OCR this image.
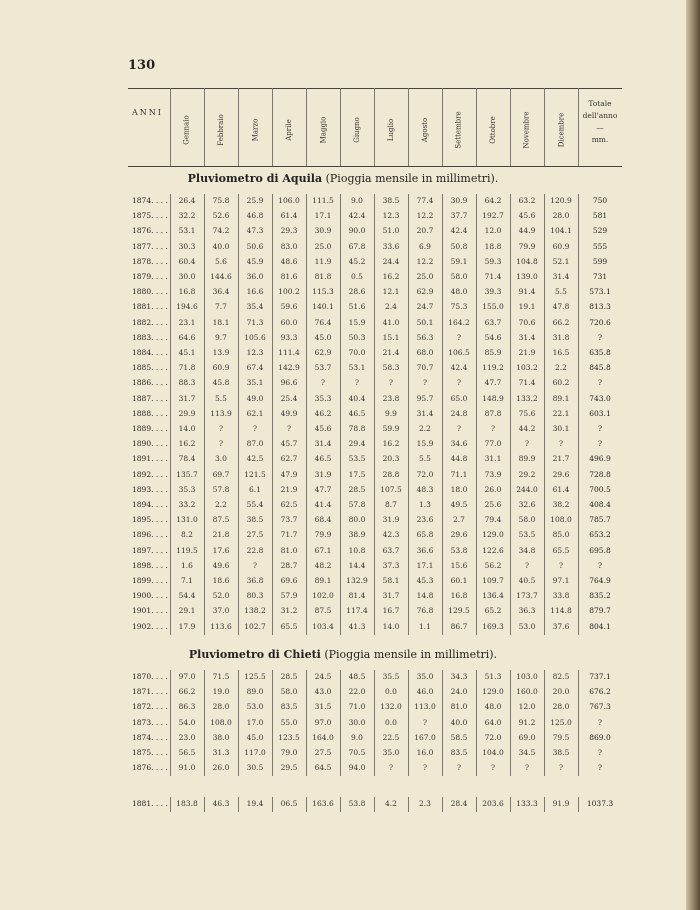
130
ANNI
Gennaio	Febbraio	Marzo	Aprile	Maggio	Giugno	Luglio	Agosto	Settembre	Ottobre	Novembre	Dicembre
Totale
dell'anno
—
mm.
Pluviometro di Aquila (Pioggia mensile in millimetri).
1874. . . .	26.4	75.8	25.9	106.0	111.5	9.0	38.5	77.4	30.9	64.2	63.2	120.9	750
1875. . . .	32.2	52.6	46.8	61.4	17.1	42.4	12.3	12.2	37.7	192.7	45.6	28.0	581
1876. . . .	53.1	74.2	47.3	29.3	30.9	90.0	51.0	20.7	42.4	12.0	44.9	104.1	529
1877. . . .	30.3	40.0	50.6	83.0	25.0	67.8	33.6	6.9	50.8	18.8	79.9	60.9	555
1878. . . .	60.4	5.6	45.9	48.6	11.9	45.2	24.4	12.2	59.1	59.3	104.8	52.1	599
1879. . . .	30.0	144.6	36.0	81.6	81.8	0.5	16.2	25.0	58.0	71.4	139.0	31.4	731
1880. . . .	16.8	36.4	16.6	100.2	115.3	28.6	12.1	62.9	48.0	39.3	91.4	5.5	573.1
1881. . . .	194.6	7.7	35.4	59.6	140.1	51.6	2.4	24.7	75.3	155.0	19.1	47.8	813.3
1882. . . .	23.1	18.1	71.3	60.0	76.4	15.9	41.0	50.1	164.2	63.7	70.6	66.2	720.6
1883. . . .	64.6	9.7	105.6	93.3	45.0	50.3	15.1	56.3	?	54.6	31.4	31.8	?
1884. . . .	45.1	13.9	12.3	111.4	62.9	70.0	21.4	68.0	106.5	85.9	21.9	16.5	635.8
1885. . . .	71.8	60.9	67.4	142.9	53.7	53.1	58.3	70.7	42.4	119.2	103.2	2.2	845.8
1886. . . .	88.3	45.8	35.1	96.6	?	?	?	?	?	47.7	71.4	60.2	?
1887. . . .	31.7	5.5	49.0	25.4	35.3	40.4	23.8	95.7	65.0	148.9	133.2	89.1	743.0
1888. . . .	29.9	113.9	62.1	49.9	46.2	46.5	9.9	31.4	24.8	87.8	75.6	22.1	603.1
1889. . . .	14.0	?	?	?	45.6	78.8	59.9	2.2	?	?	44.2	30.1	?
1890. . . .	16.2	?	87.0	45.7	31.4	29.4	16.2	15.9	34.6	77.0	?	?	?
1891. . . .	78.4	3.0	42.5	62.7	46.5	53.5	20.3	5.5	44.8	31.1	89.9	21.7	496.9
1892. . . .	135.7	69.7	121.5	47.9	31.9	17.5	28.8	72.0	71.1	73.9	29.2	29.6	728.8
1893. . . .	35.3	57.8	6.1	21.9	47.7	28.5	107.5	48.3	18.0	26.0	244.0	61.4	700.5
1894. . . .	33.2	2.2	55.4	62.5	41.4	57.8	8.7	1.3	49.5	25.6	32.6	38.2	408.4
1895. . . .	131.0	87.5	38.5	73.7	68.4	80.0	31.9	23.6	2.7	79.4	58.0	108.0	785.7
1896. . . .	8.2	21.8	27.5	71.7	79.9	38.9	42.3	65.8	29.6	129.0	53.5	85.0	653.2
1897. . . .	119.5	17.6	22.8	81.0	67.1	10.8	63.7	36.6	53.8	122.6	34.8	65.5	695.8
1898. . . .	1.6	49.6	?	28.7	48.2	14.4	37.3	17.1	15.6	56.2	?	?	?
1899. . . .	7.1	18.6	36.8	69.6	89.1	132.9	58.1	45.3	60.1	109.7	40.5	97.1	764.9
1900. . . .	54.4	52.0	80.3	57.9	102.0	81.4	31.7	14.8	16.8	136.4	173.7	33.8	835.2
1901. . . .	29.1	37.0	138.2	31.2	87.5	117.4	16.7	76.8	129.5	65.2	36.3	114.8	879.7
1902. . . .	17.9	113.6	102.7	65.5	103.4	41.3	14.0	1.1	86.7	169.3	53.0	37.6	804.1
Pluviometro di Chieti (Pioggia mensile in millimetri).
1870. . . .	97.0	71.5	125.5	28.5	24.5	48.5	35.5	35.0	34.3	51.3	103.0	82.5	737.1
1871. . . .	66.2	19.0	89.0	58.0	43.0	22.0	0.0	46.0	24.0	129.0	160.0	20.0	676.2
1872. . . .	86.3	28.0	53.0	83.5	31.5	71.0	132.0	113.0	81.0	48.0	12.0	28.0	767.3
1873. . . .	54.0	108.0	17.0	55.0	97.0	30.0	0.0	?	40.0	64.0	91.2	125.0	?
1874. . . .	23.0	38.0	45.0	123.5	164.0	9.0	22.5	167.0	58.5	72.0	69.0	79.5	869.0
1875. . . .	56.5	31.3	117.0	79.0	27.5	70.5	35.0	16.0	83.5	104.0	34.5	38.5	?
1876. . . .	91.0	26.0	30.5	29.5	64.5	94.0	?	?	?	?	?	?	?
1881. . . .	183.8	46.3	19.4	06.5	163.6	53.8	4.2	2.3	28.4	203.6	133.3	91.9	1037.3
